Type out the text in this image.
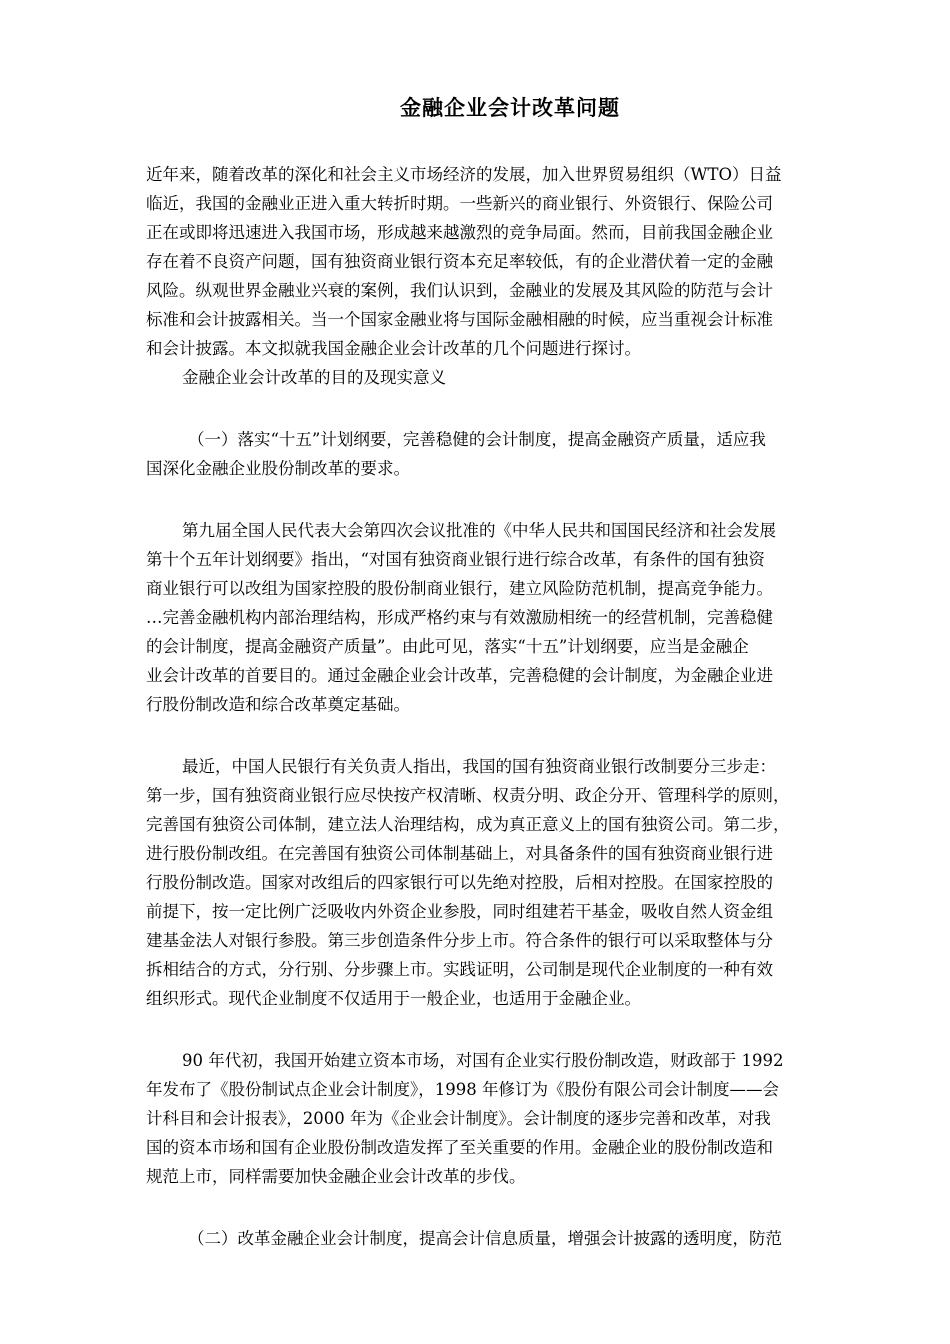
金融企业会计改革问题
近年来，随着改革的深化和社会主义市场经济的发展，加入世界贸易组织（WTO）日益
临近，我国的金融业正进入重大转折时期。一些新兴的商业银行、外资银行、保险公司
正在或即将迅速进入我国市场，形成越来越激烈的竞争局面。然而，目前我国金融企业
存在着不良资产问题，国有独资商业银行资本充足率较低，有的企业潜伏着一定的金融
风险。纵观世界金融业兴衰的案例，我们认识到，金融业的发展及其风险的防范与会计
标准和会计披露相关。当一个国家金融业将与国际金融相融的时候，应当重视会计标准
和会计披露。本文拟就我国金融企业会计改革的几个问题进行探讨。
金融企业会计改革的目的及现实意义
（一）落实“十五”计划纲要，完善稳健的会计制度，提高金融资产质量，适应我
国深化金融企业股份制改革的要求。
第九届全国人民代表大会第四次会议批准的《中华人民共和国国民经济和社会发展
第十个五年计划纲要》指出，“对国有独资商业银行进行综合改革，有条件的国有独资
商业银行可以改组为国家控股的股份制商业银行，建立风险防范机制，提高竞争能力。
…完善金融机构内部治理结构，形成严格约束与有效激励相统一的经营机制，完善稳健
的会计制度，提高金融资产质量”。由此可见，落实“十五”计划纲要，应当是金融企
业会计改革的首要目的。通过金融企业会计改革，完善稳健的会计制度，为金融企业进
行股份制改造和综合改革奠定基础。
最近，中国人民银行有关负责人指出，我国的国有独资商业银行改制要分三步走：
第一步，国有独资商业银行应尽快按产权清晰、权责分明、政企分开、管理科学的原则，
完善国有独资公司体制，建立法人治理结构，成为真正意义上的国有独资公司。第二步，
进行股份制改组。在完善国有独资公司体制基础上，对具备条件的国有独资商业银行进
行股份制改造。国家对改组后的四家银行可以先绝对控股，后相对控股。在国家控股的
前提下，按一定比例广泛吸收内外资企业参股，同时组建若干基金，吸收自然人资金组
建基金法人对银行参股。第三步创造条件分步上市。符合条件的银行可以采取整体与分
拆相结合的方式，分行别、分步骤上市。实践证明，公司制是现代企业制度的一种有效
组织形式。现代企业制度不仅适用于一般企业，也适用于金融企业。
90 年代初，我国开始建立资本市场，对国有企业实行股份制改造，财政部于 1992
年发布了《股份制试点企业会计制度》，1998 年修订为《股份有限公司会计制度——会
计科目和会计报表》，2000 年为《企业会计制度》。会计制度的逐步完善和改革，对我
国的资本市场和国有企业股份制改造发挥了至关重要的作用。金融企业的股份制改造和
规范上市，同样需要加快金融企业会计改革的步伐。
（二）改革金融企业会计制度，提高会计信息质量，增强会计披露的透明度，防范
